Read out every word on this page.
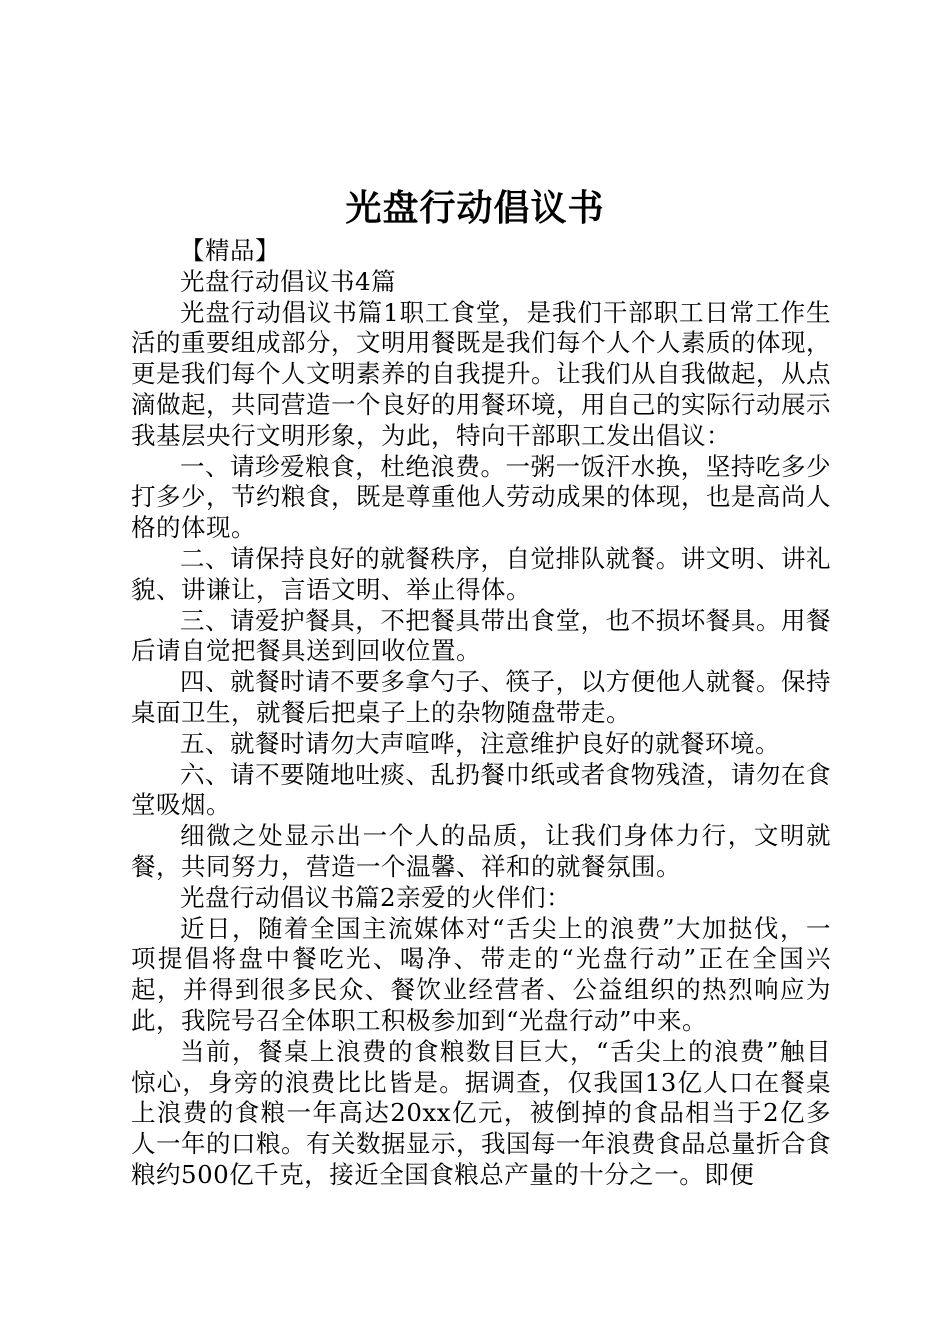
光盘行动倡议书

【精品】

光盘行动倡议书4篇

光盘行动倡议书篇1职工食堂，是我们干部职工日常工作生活的重要组成部分，文明用餐既是我们每个人个人素质的体现，更是我们每个人文明素养的自我提升。让我们从自我做起，从点滴做起，共同营造一个良好的用餐环境，用自己的实际行动展示我基层央行文明形象，为此，特向干部职工发出倡议：

一、请珍爱粮食，杜绝浪费。一粥一饭汗水换，坚持吃多少打多少，节约粮食，既是尊重他人劳动成果的体现，也是高尚人格的体现。

二、请保持良好的就餐秩序，自觉排队就餐。讲文明、讲礼貌、讲谦让，言语文明、举止得体。

三、请爱护餐具，不把餐具带出食堂，也不损坏餐具。用餐后请自觉把餐具送到回收位置。

四、就餐时请不要多拿勺子、筷子，以方便他人就餐。保持桌面卫生，就餐后把桌子上的杂物随盘带走。

五、就餐时请勿大声喧哗，注意维护良好的就餐环境。

六、请不要随地吐痰、乱扔餐巾纸或者食物残渣，请勿在食堂吸烟。

细微之处显示出一个人的品质，让我们身体力行，文明就餐，共同努力，营造一个温馨、祥和的就餐氛围。

光盘行动倡议书篇2亲爱的火伴们：

近日，随着全国主流媒体对“舌尖上的浪费”大加挞伐，一项提倡将盘中餐吃光、喝净、带走的“光盘行动”正在全国兴起，并得到很多民众、餐饮业经营者、公益组织的热烈响应为此，我院号召全体职工积极参加到“光盘行动”中来。

当前，餐桌上浪费的食粮数目巨大，“舌尖上的浪费”触目惊心，身旁的浪费比比皆是。据调查，仅我国13亿人口在餐桌上浪费的食粮一年高达20xx亿元，被倒掉的食品相当于2亿多人一年的口粮。有关数据显示，我国每一年浪费食品总量折合食粮约500亿千克，接近全国食粮总产量的十分之一。即便
